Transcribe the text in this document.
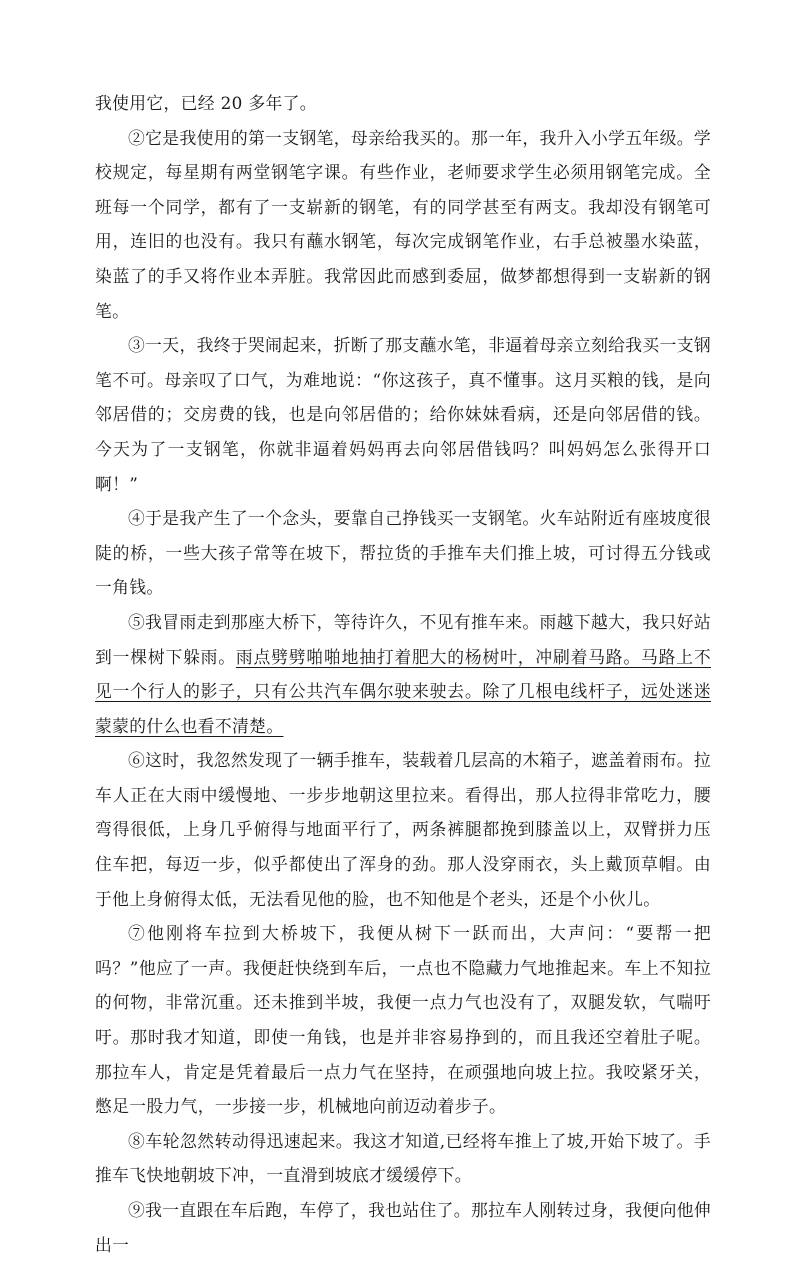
我使用它，已经 20 多年了。

②它是我使用的第一支钢笔，母亲给我买的。那一年，我升入小学五年级。学校规定，每星期有两堂钢笔字课。有些作业，老师要求学生必须用钢笔完成。全班每一个同学，都有了一支崭新的钢笔，有的同学甚至有两支。我却没有钢笔可用，连旧的也没有。我只有蘸水钢笔，每次完成钢笔作业，右手总被墨水染蓝，染蓝了的手又将作业本弄脏。我常因此而感到委屈，做梦都想得到一支崭新的钢笔。

③一天，我终于哭闹起来，折断了那支蘸水笔，非逼着母亲立刻给我买一支钢笔不可。母亲叹了口气，为难地说：“你这孩子，真不懂事。这月买粮的钱，是向邻居借的；交房费的钱，也是向邻居借的；给你妹妹看病，还是向邻居借的钱。今天为了一支钢笔，你就非逼着妈妈再去向邻居借钱吗？叫妈妈怎么张得开口啊！”

④于是我产生了一个念头，要靠自己挣钱买一支钢笔。火车站附近有座坡度很陡的桥，一些大孩子常等在坡下，帮拉货的手推车夫们推上坡，可讨得五分钱或一角钱。

⑤我冒雨走到那座大桥下，等待许久，不见有推车来。雨越下越大，我只好站到一棵树下躲雨。雨点劈劈啪啪地抽打着肥大的杨树叶，冲刷着马路。马路上不见一个行人的影子，只有公共汽车偶尔驶来驶去。除了几根电线杆子，远处迷迷蒙蒙的什么也看不清楚。

⑥这时，我忽然发现了一辆手推车，装载着几层高的木箱子，遮盖着雨布。拉车人正在大雨中缓慢地、一步步地朝这里拉来。看得出，那人拉得非常吃力，腰弯得很低，上身几乎俯得与地面平行了，两条裤腿都挽到膝盖以上，双臂拼力压住车把，每迈一步，似乎都使出了浑身的劲。那人没穿雨衣，头上戴顶草帽。由于他上身俯得太低，无法看见他的脸，也不知他是个老头，还是个小伙儿。

⑦他刚将车拉到大桥坡下，我便从树下一跃而出，大声问：“要帮一把吗？”他应了一声。我便赶快绕到车后，一点也不隐藏力气地推起来。车上不知拉的何物，非常沉重。还未推到半坡，我便一点力气也没有了，双腿发软，气喘吁吁。那时我才知道，即使一角钱，也是并非容易挣到的，而且我还空着肚子呢。那拉车人，肯定是凭着最后一点力气在坚持，在顽强地向坡上拉。我咬紧牙关，憋足一股力气，一步接一步，机械地向前迈动着步子。

⑧车轮忽然转动得迅速起来。我这才知道,已经将车推上了坡,开始下坡了。手推车飞快地朝坡下冲，一直滑到坡底才缓缓停下。

⑨我一直跟在车后跑，车停了，我也站住了。那拉车人刚转过身，我便向他伸出一
